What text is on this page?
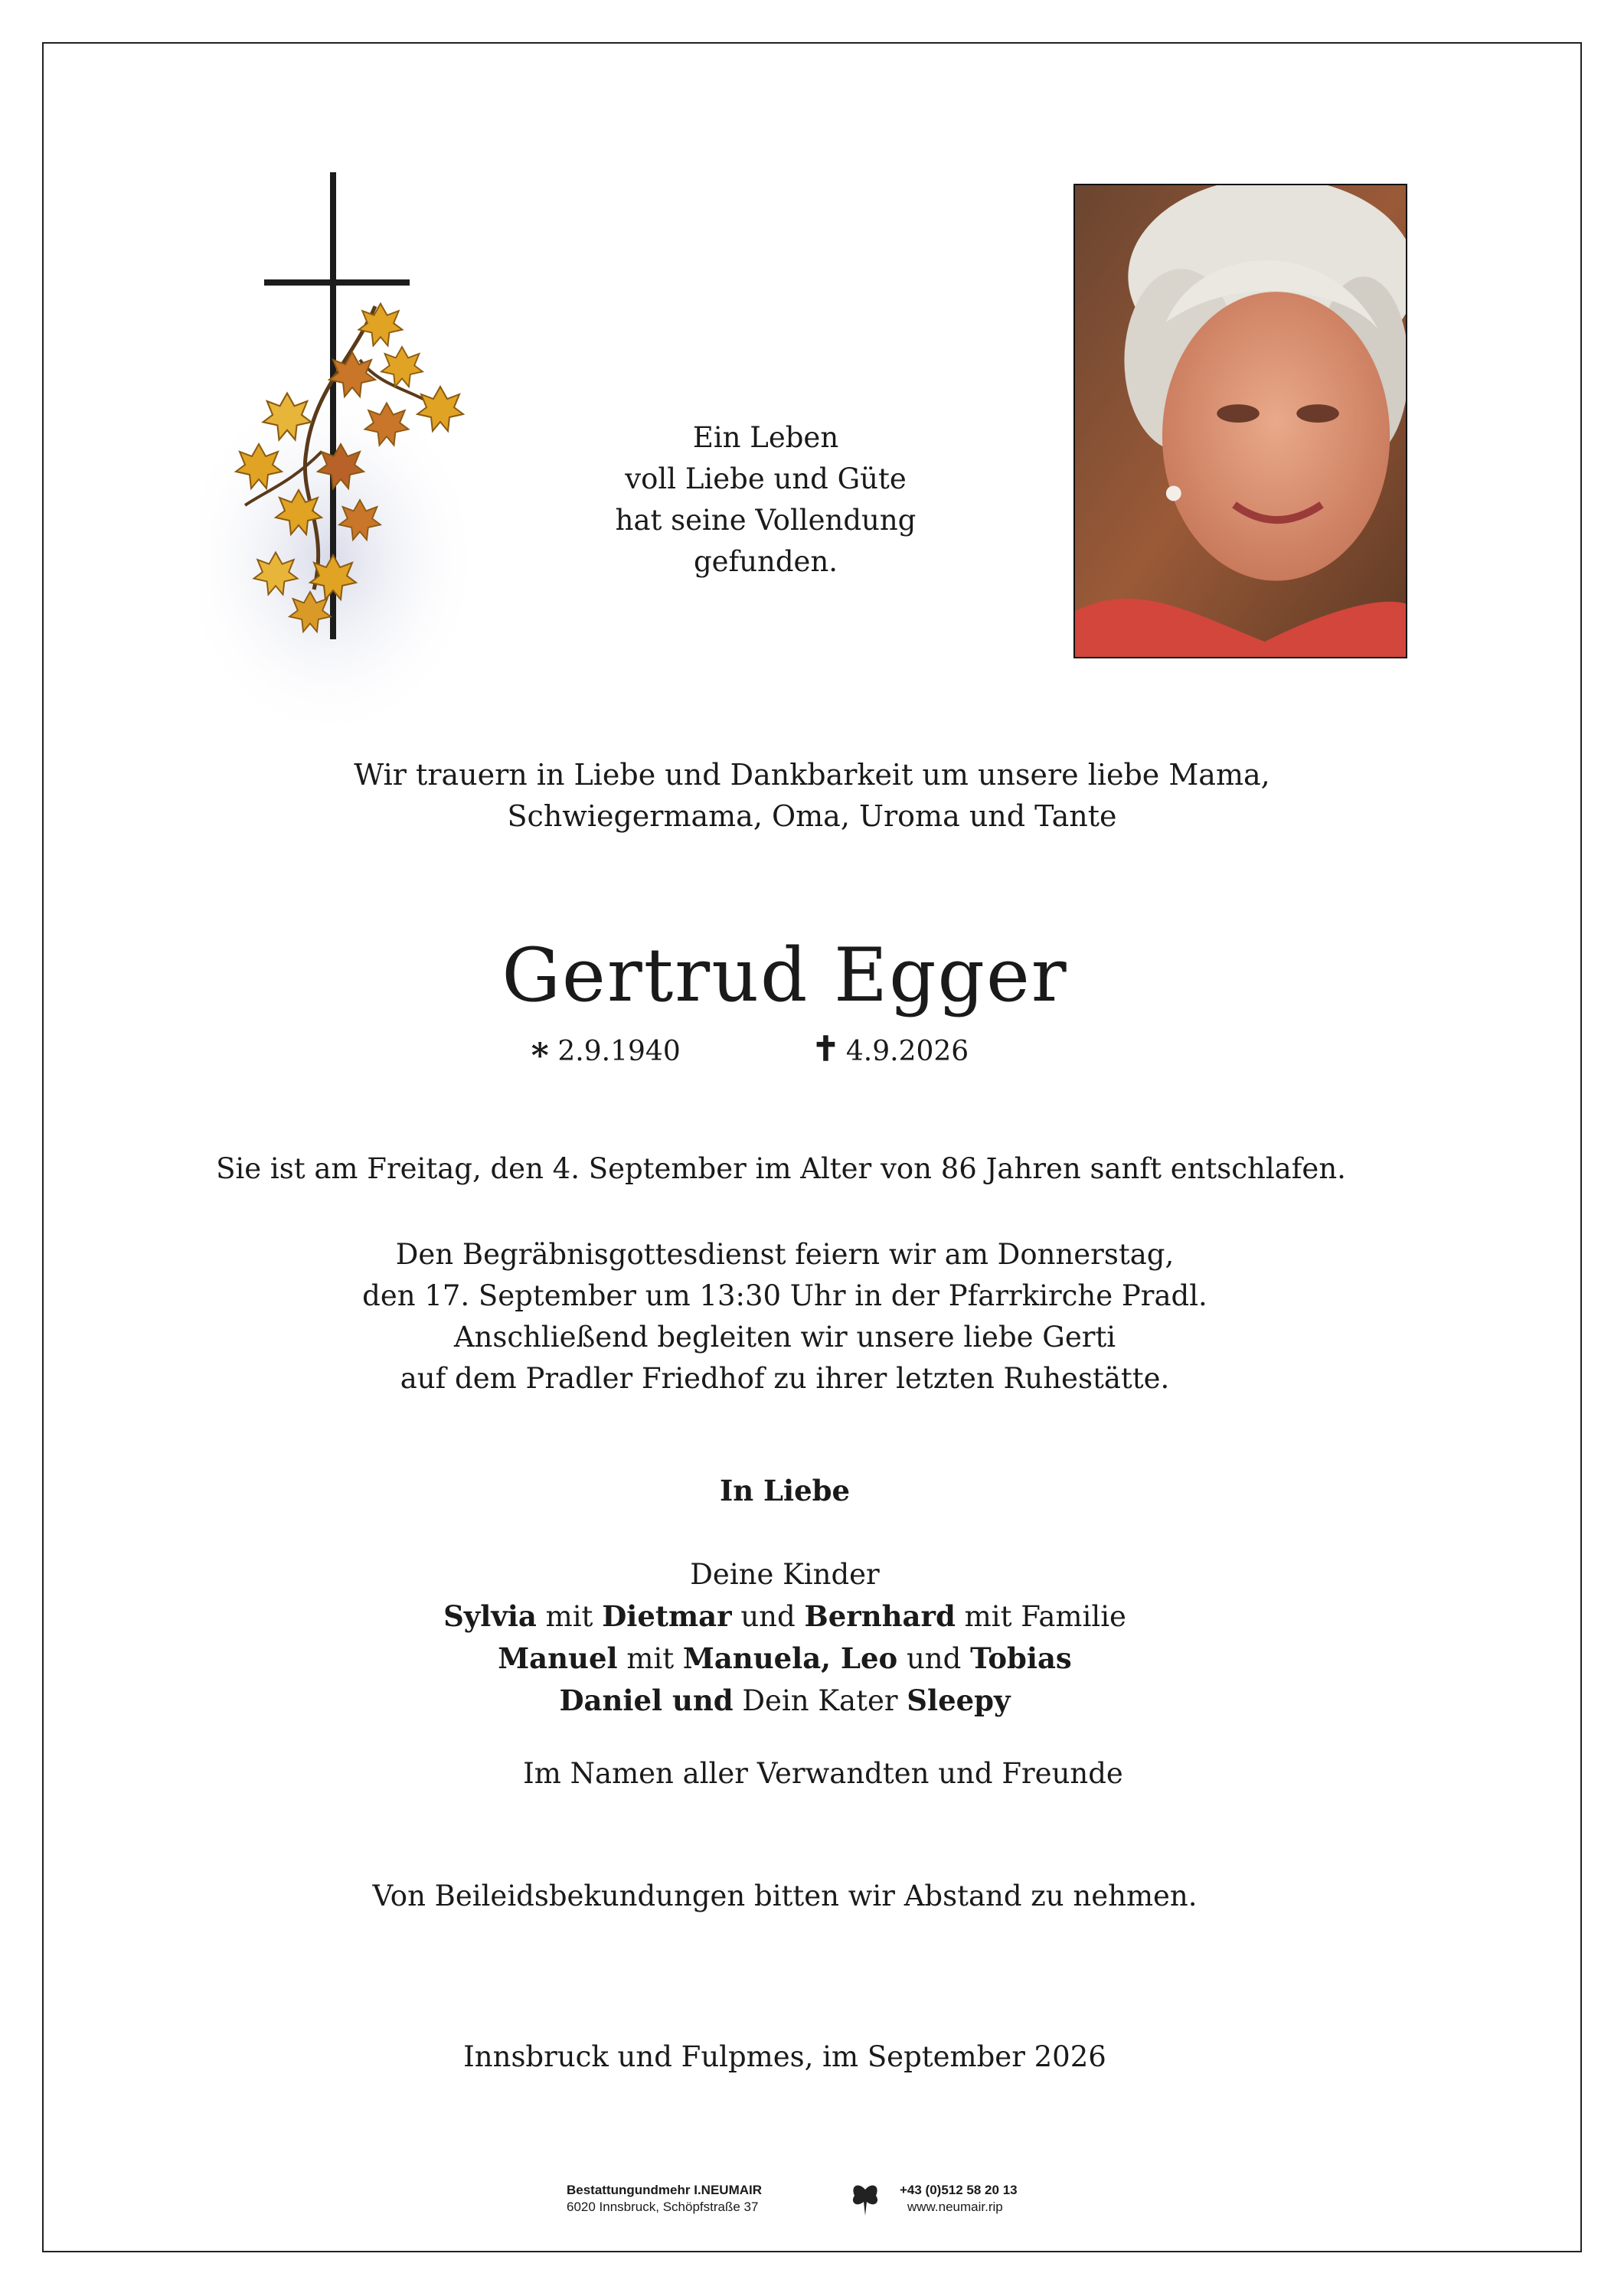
Ein Leben
voll Liebe und Güte
hat seine Vollendung
gefunden.
Wir trauern in Liebe und Dankbarkeit um unsere liebe Mama,
Schwiegermama, Oma, Uroma und Tante
Gertrud Egger
∗ 2.9.1940	✝ 4.9.2026
Sie ist am Freitag, den 4. September im Alter von 86 Jahren sanft entschlafen.
Den Begräbnisgottesdienst feiern wir am Donnerstag,
den 17. September um 13:30 Uhr in der Pfarrkirche Pradl.
Anschließend begleiten wir unsere liebe Gerti
auf dem Pradler Friedhof zu ihrer letzten Ruhestätte.
In Liebe
Deine Kinder
Sylvia mit Dietmar und Bernhard mit Familie
Manuel mit Manuela, Leo und Tobias
Daniel und Dein Kater Sleepy
Im Namen aller Verwandten und Freunde
Von Beileidsbekundungen bitten wir Abstand zu nehmen.
Innsbruck und Fulpmes, im September 2026
Bestattungundmehr I.NEUMAIR
6020 Innsbruck, Schöpfstraße 37
+43 (0)512 58 20 13
www.neumair.rip
